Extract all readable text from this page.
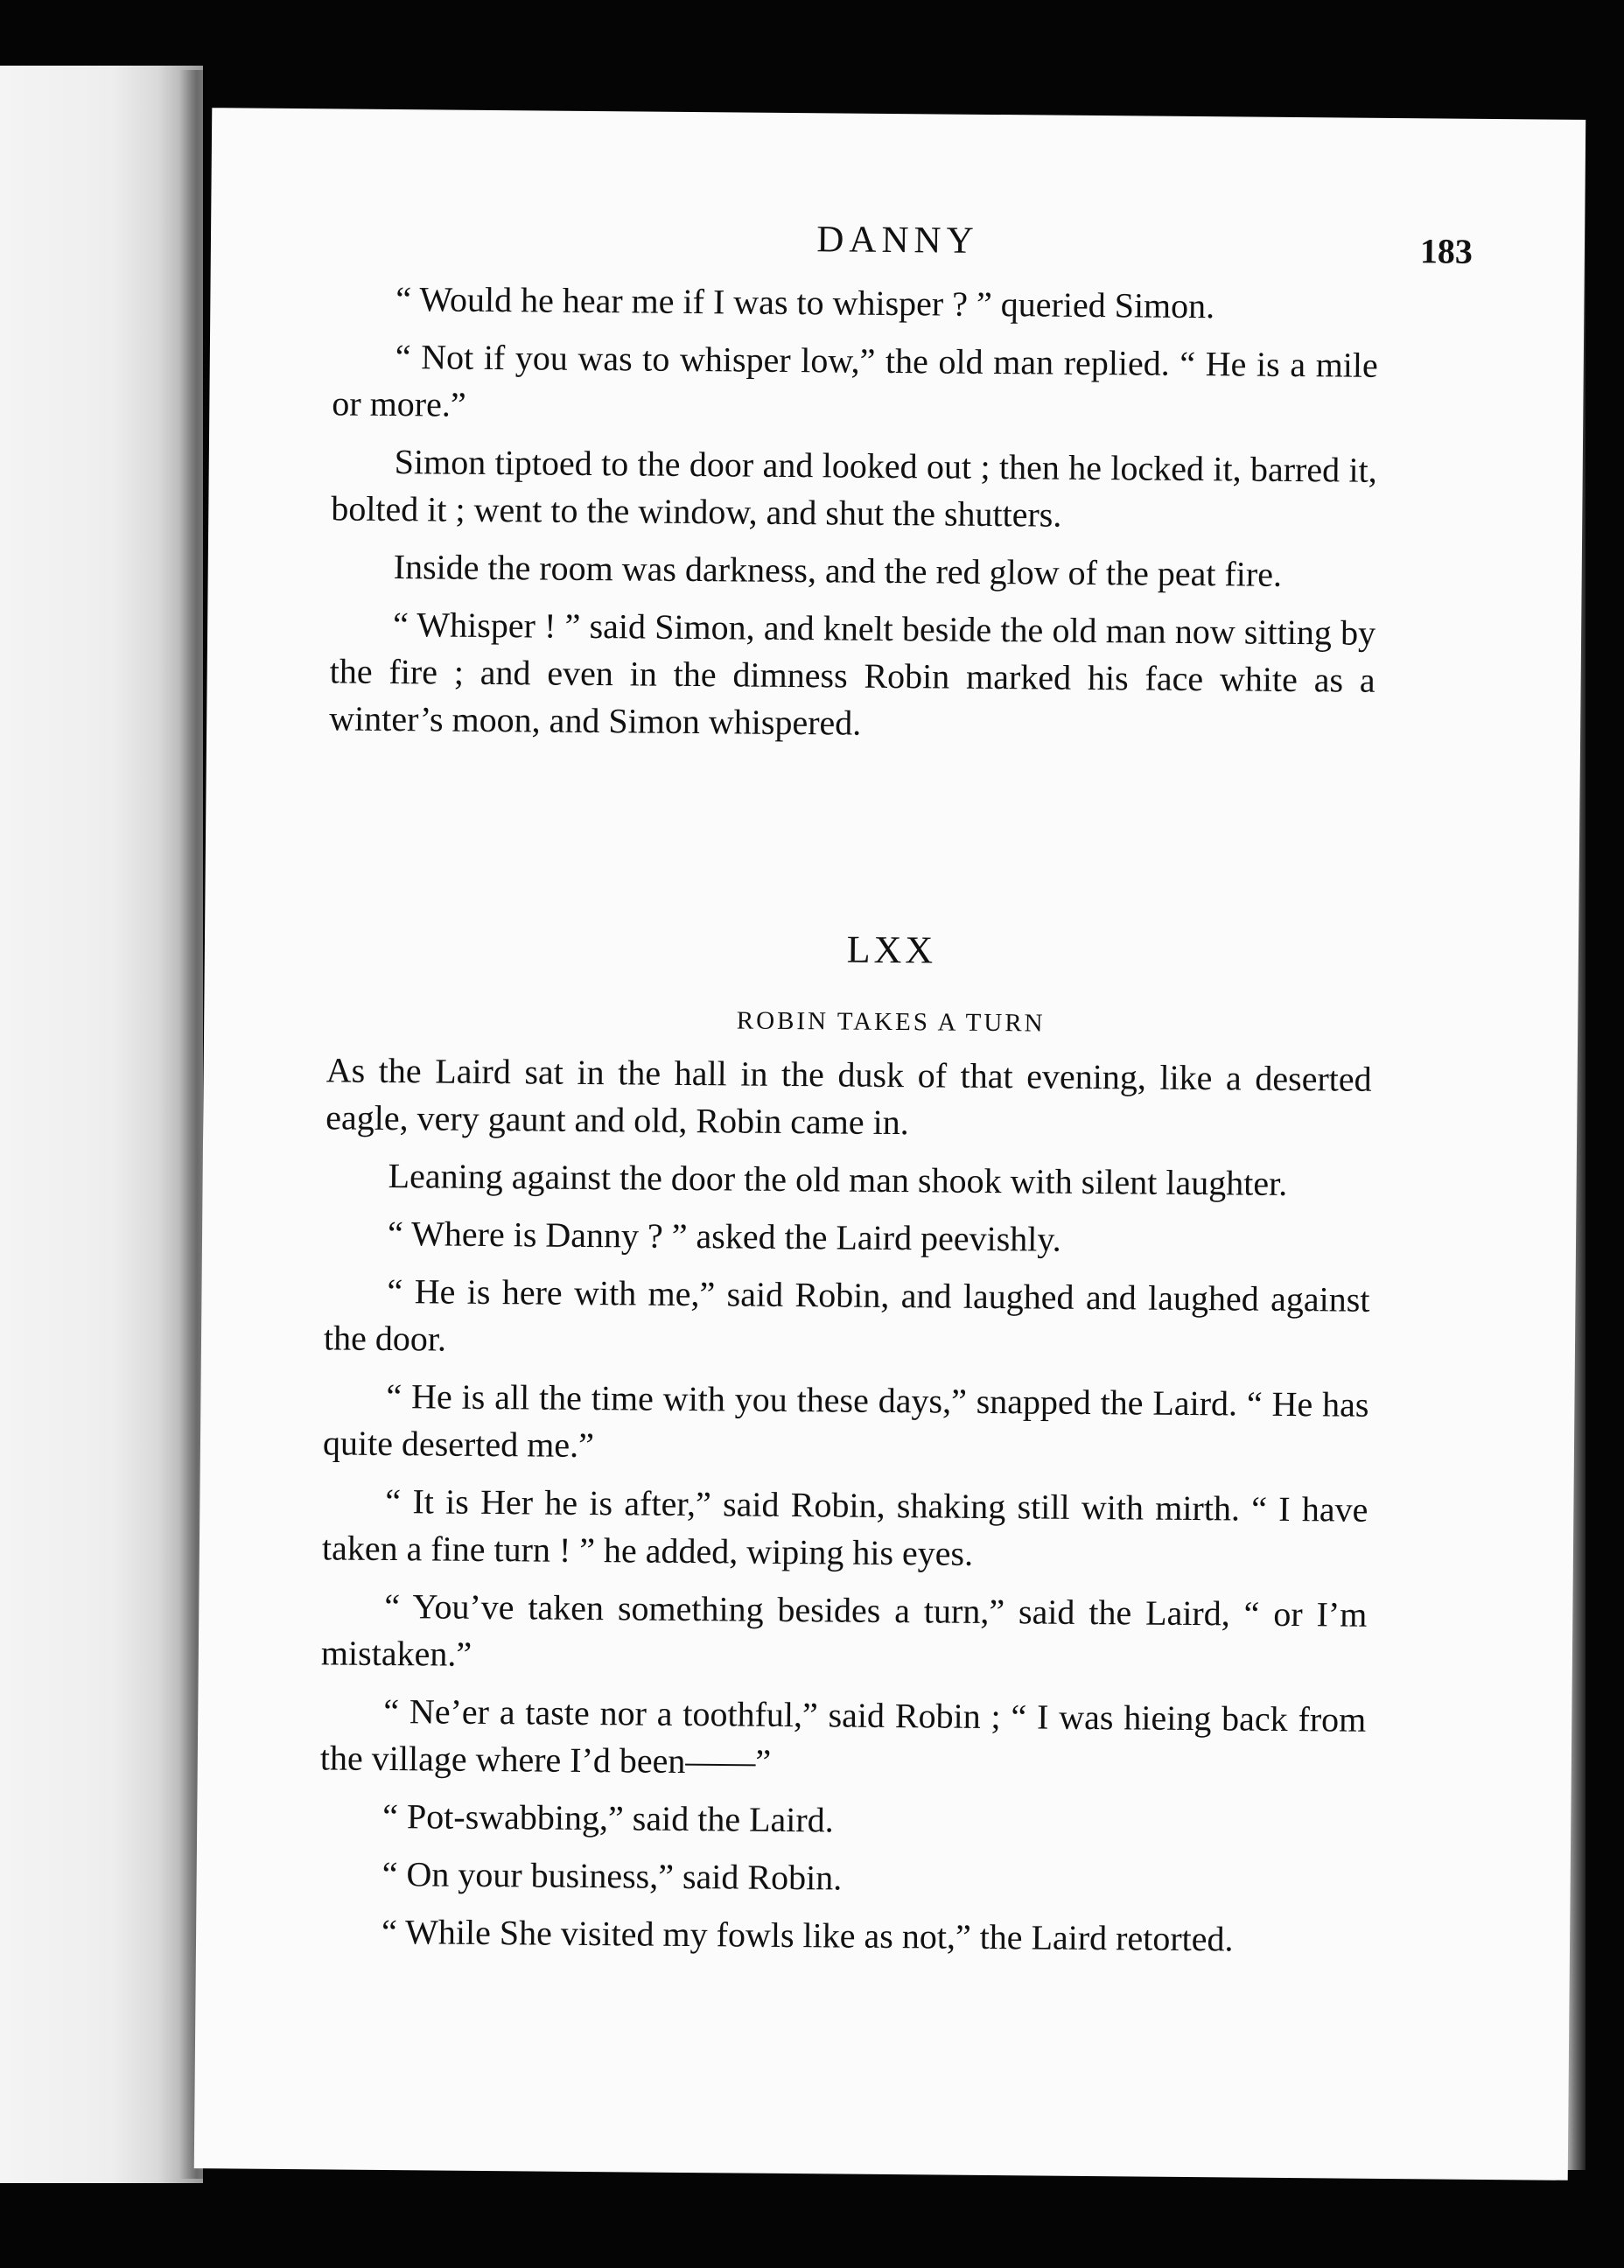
DANNY	183

“ Would he hear me if I was to whisper ? ” queried Simon.

“ Not if you was to whisper low,” the old man replied. “ He is a mile or more.”

Simon tiptoed to the door and looked out ; then he locked it, barred it, bolted it ; went to the window, and shut the shutters.

Inside the room was darkness, and the red glow of the peat fire.

“ Whisper ! ” said Simon, and knelt beside the old man now sitting by the fire ; and even in the dimness Robin marked his face white as a winter’s moon, and Simon whispered.

LXX
ROBIN TAKES A TURN

As the Laird sat in the hall in the dusk of that evening, like a deserted eagle, very gaunt and old, Robin came in.

Leaning against the door the old man shook with silent laughter.

“ Where is Danny ? ” asked the Laird peevishly.

“ He is here with me,” said Robin, and laughed and laughed against the door.

“ He is all the time with you these days,” snapped the Laird. “ He has quite deserted me.”

“ It is Her he is after,” said Robin, shaking still with mirth. “ I have taken a fine turn ! ” he added, wiping his eyes.

“ You’ve taken something besides a turn,” said the Laird, “ or I’m mistaken.”

“ Ne’er a taste nor a toothful,” said Robin ; “ I was hieing back from the village where I’d been——”

“ Pot-swabbing,” said the Laird.

“ On your business,” said Robin.

“ While She visited my fowls like as not,” the Laird retorted.
